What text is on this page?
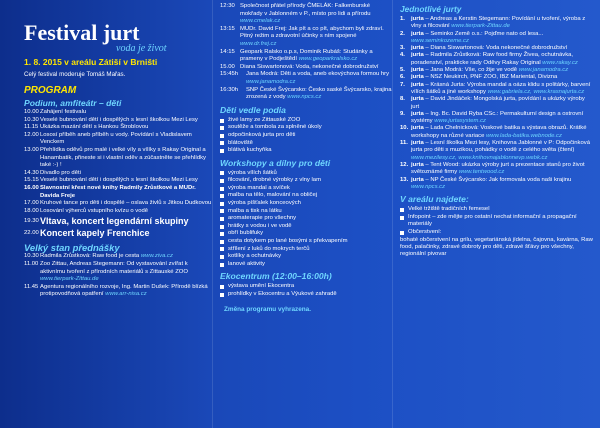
Festival jurt
voda je život
1. 8. 2015 v areálu Zátiší v Brništi
Celý festival moderuje Tomáš Mařas.
PROGRAM
Podium, amfiteátr – děti
10.00 Zahájení festivalu
10.30 Veselé bubnování dětí i dospělých s lesní školkou Mezi Lesy
11.15 Ukázka mazání dětí s Hankou Štroblovou
12.00 Lososí příběh aneb příběh u vody. Povídání s Vladislavem Venckem
13.00 Přehlídka oděvů pro malé i velké víly a vílíky s Rakay Original a Hanambatik, přineste si i vlastní oděv a zúčastněte se přehlídky také :-) !
14.30 Divadlo pro děti
15.15 Veselé bubnování dětí i dospělých s lesní školkou Mezi Lesy
16.00 Slavnostní křest nové knihy Radmily Zrůstkové a MUDr. Davida Freje
17.00 Kruhové tance pro děti i dospělé – oslava živlů s Jitkou Dudkovou
18.00 Losování výherců vstupního kvízu o vodě
19.30 Vltava, koncert legendární skupiny
22.00 Koncert kapely Frenchice
Velký stan přednášky
10.30 Radmila Zrůstková: Raw food je cesta www.ziva.cz
11.00 Zoo Zittau, Andreas Stegemann: Od vystavování zvířat k aktivnímu tvoření z přírodních materiálů s Zittauské ZOO www.tierpark-Zittau.de
11.45 Agentura regionálního rozvoje, Ing. Martin Dušek: Přírodě blízká protipovodňová opatření www.arr-nisa.cz
12:30 Společnost přátel přírody ČMELÁK: Falkenburské mokřady v Jablonném v P., místo pro lidi a přírodu www.cmelak.cz
13:15 MUDr. David Frej: Jak pít a co pít, abychom byli zdraví. Pitný režim a zdravotní účinky s ním spojené www.dr.frej.cz
14:15 Geopark Ralsko o.p.s, Dominik Rubáš: Studánky a prameny v Podještědí www.geoparkralsko.cz
15.00 Diana Siswartonová: Voda, nekonečné dobrodružství
15:45h	Jana Modrá: Děti a voda, aneb ekovýchova formou hry www.janamodra.cz
16:30h	SNP České Švýcarsko: Česko saské Švýcarsko, krajina zrozená z vody www.npcs.cz
Děti vedle podia
živé lamy ze Zittauské ZOO
soutěže a tombola za splněné úkoly
odpočinková jurta pro děti
blátoviště
blátivá kuchyňka
Workshopy a dílny pro děti
výroba vílích šátků
filcování, drobné výrobky z vlny lam
výroba mandal a svíček
malba na tělo, malování na obličej
výroba píšťalek konceových
malba a tisk na látku
aromaterapie pro všechny
hrátky s vodou i ve vodě
obří bublifuky
cesta dotykem po lané bosými s překvapením
střílení z luků do mokrych terčů
kotlíky a ochutnávky
lanové aktivity
Ekocentrum (12:00–16:00h)
výstava umění Ekocentra
prohlídky v Ekocentru a Výukové zahradě
Změna programu vyhrazena.
Jednotlivé jurty
1 .	jurta – Andreas a Kerstin Stegemann: Povídání u tvoření, výroba z vlny a filcování www.tierpark-Zittau.de
2 .	jurta – Seminko Země o.s.: Pojďme nato od lesa... www.seminkozeme.cz
3 .	jurta – Diana Siswartonová: Voda nekonečné dobrodružství
4 .	jurta – Radmila Zrůstková: Raw food firmy Živea, ochutnávka, poradenství, prakticke rady Oděvy Rakay Original www.rakay.cz
5 .	jurta – Jana Modrá: Vše, co žije ve vodě www.janamodra.cz
6 .	jurta – NSZ Neukirch, PNF ZOO, IBZ Mariental, Divizna
7 .	jurta – Krásná Jurta: Výroba mandal a oáza klidu s politárky, barvení vílích šátků a jiné workshopy www.gabriela.cz, www.krasnajurta.cz
8 .	jurta – David Jindáček: Mongolská jurta, povídání a ukázky výroby jurt
9 .	jurta – Ing. Bc. David Ryba CSc.: Permakulturní design a ostrovní systémy www.jurtasystem.cz
10 . jurta – Lada Chelnicková: Voskové batika a výstava obrazů. Krátké workshopy na různé variace www.lada-batika.webnode.cz
11 . jurta – Lesní školka Mezi lesy, Knihovna Jablonné v P: Odpočinková jurta pro děti s muzikou, pohádky o vodě z celého světa (čtení) www.mezilesy.cz, www.knihovnajablonnevp.webk.cz
12 . jurta – Tent Wood: ukázka výroby jurt a prezentace stanů pro život světoznámé firmy www.tentwood.cz
13 . jurta – NP České Švýcarsko: Jak formovala voda naši krajinu www.npcs.cz
V areálu najdete:
Velké tržiště tradičních řemesel
Infopoint – zde mějte pro ostatní nechat informační a propagační materiály
Občerstvení:
bohaté občerstvení na grilu, vegetariánská jídelna, čajovna, kavárna, Raw food, palačinky, zdravé dobroty pro děti, zdravé šťávy pro všechny, regionální pivovar
